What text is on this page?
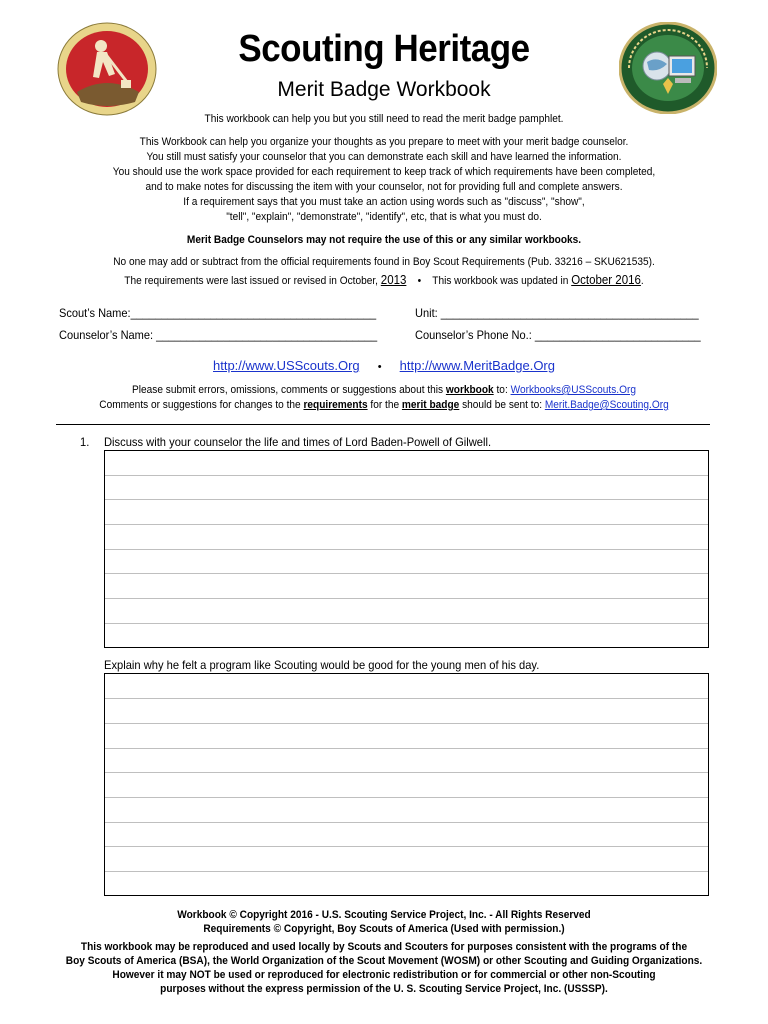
Scouting Heritage
Merit Badge Workbook
This workbook can help you but you still need to read the merit badge pamphlet.
This Workbook can help you organize your thoughts as you prepare to meet with your merit badge counselor.
You still must satisfy your counselor that you can demonstrate each skill and have learned the information.
You should use the work space provided for each requirement to keep track of which requirements have been completed,
and to make notes for discussing the item with your counselor, not for providing full and complete answers.
If a requirement says that you must take an action using words such as "discuss", "show",
"tell", "explain", "demonstrate", "identify", etc, that is what you must do.
Merit Badge Counselors may not require the use of this or any similar workbooks.
No one may add or subtract from the official requirements found in Boy Scout Requirements (Pub. 33216 – SKU621535).
The requirements were last issued or revised in October, 2013 • This workbook was updated in October 2016.
Scout’s Name:________________________________________	Unit: __________________________________________
Counselor’s Name: ____________________________________	Counselor’s Phone No.: ___________________________
http://www.USScouts.Org • http://www.MeritBadge.Org
Please submit errors, omissions, comments or suggestions about this workbook to: Workbooks@USScouts.Org
Comments or suggestions for changes to the requirements for the merit badge should be sent to: Merit.Badge@Scouting.Org
1. Discuss with your counselor the life and times of Lord Baden-Powell of Gilwell.
Explain why he felt a program like Scouting would be good for the young men of his day.
Workbook © Copyright 2016 - U.S. Scouting Service Project, Inc. - All Rights Reserved
Requirements © Copyright, Boy Scouts of America (Used with permission.)
This workbook may be reproduced and used locally by Scouts and Scouters for purposes consistent with the programs of the
Boy Scouts of America (BSA), the World Organization of the Scout Movement (WOSM) or other Scouting and Guiding Organizations.
However it may NOT be used or reproduced for electronic redistribution or for commercial or other non-Scouting
purposes without the express permission of the U. S. Scouting Service Project, Inc. (USSSP).
